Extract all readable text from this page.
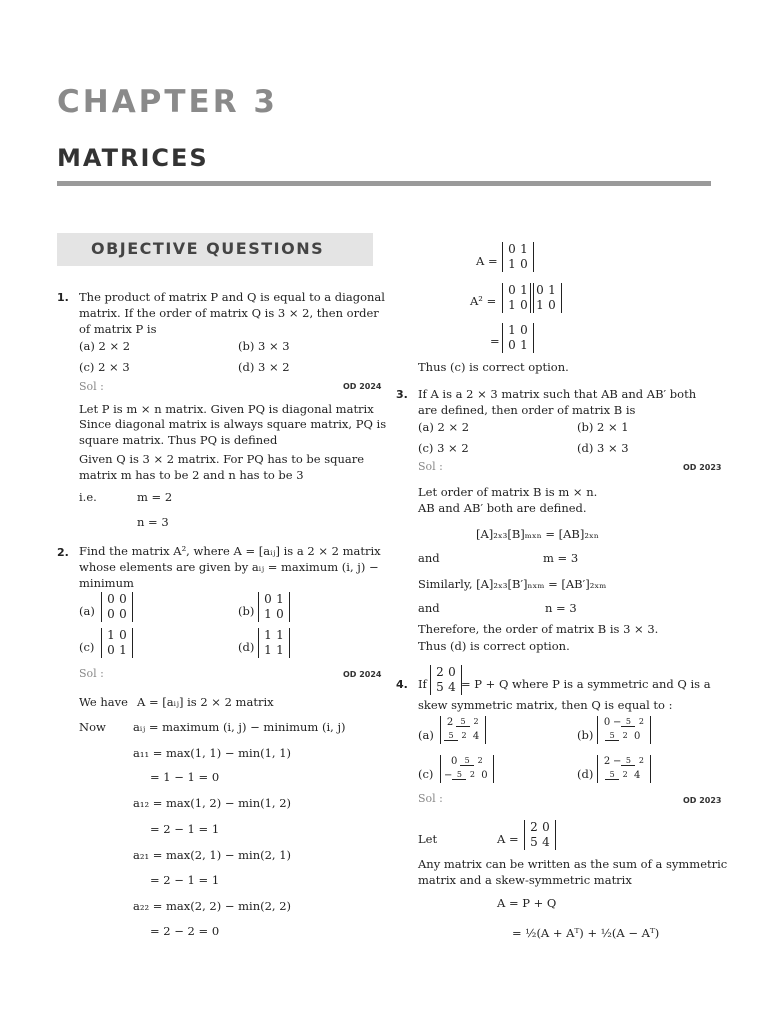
CHAPTER 3
MATRICES
OBJECTIVE QUESTIONS
1. The product of matrix P and Q is equal to a diagonal
matrix. If the order of matrix Q is 3 × 2, then order
of matrix P is
(a) 2 × 2	(b) 3 × 3
(c) 2 × 3	(d) 3 × 2
Sol :	OD 2024
Let P is m × n matrix. Given PQ is diagonal matrix
Since diagonal matrix is always square matrix, PQ is
square matrix. Thus PQ is defined
Given Q is 3 × 2 matrix. For PQ has to be square
matrix m has to be 2 and n has to be 3
i.e.	m = 2
n = 3
2. Find the matrix A², where A = [aᵢⱼ] is a 2 × 2 matrix
whose elements are given by aᵢⱼ = maximum (i, j) −
minimum
(a)
0 0
0 0	(b)
0 1
1 0
(c)
1 0
0 1	(d)
1 1
1 1
Sol :	OD 2024
We have A = [aᵢⱼ] is 2 × 2 matrix
Now aᵢⱼ = maximum (i, j) − minimum (i, j)
a₁₁ = max(1, 1) − min(1, 1)
= 1 − 1 = 0
a₁₂ = max(1, 2) − min(1, 2)
= 2 − 1 = 1
a₂₁ = max(2, 1) − min(2, 1)
= 2 − 1 = 1
a₂₂ = max(2, 2) − min(2, 2)
= 2 − 2 = 0
A =
0 1
1 0
A² =
0 1
1 0
0 1
1 0
=
1 0
0 1
Thus (c) is correct option.
3. If A is a 2 × 3 matrix such that AB and AB′ both
are defined, then order of matrix B is
(a) 2 × 2	(b) 2 × 1
(c) 3 × 2	(d) 3 × 3
Sol :	OD 2023
Let order of matrix B is m × n.
AB and AB′ both are defined.
[A]₂ₓ₃[B]ₘₓₙ = [AB]₂ₓₙ
and	m = 3
Similarly, [A]₂ₓ₃[B′]ₙₓₘ = [AB′]₂ₓₘ
and	n = 3
Therefore, the order of matrix B is 3 × 3.
Thus (d) is correct option.
4. If
2 0
5 4 = P + Q where P is a symmetric and Q is a
skew symmetric matrix, then Q is equal to :
(a)
2 5 2
5 2 4	(b)
0 − 5 2
5 2 0
(c)
0 5 2
− 5 2 0	(d)
2 − 5 2
5 2 4
Sol :	OD 2023
Let	A =
2 0
5 4
Any matrix can be written as the sum of a symmetric
matrix and a skew-symmetric matrix
A = P + Q
= ½(A + Aᵀ) + ½(A − Aᵀ)
